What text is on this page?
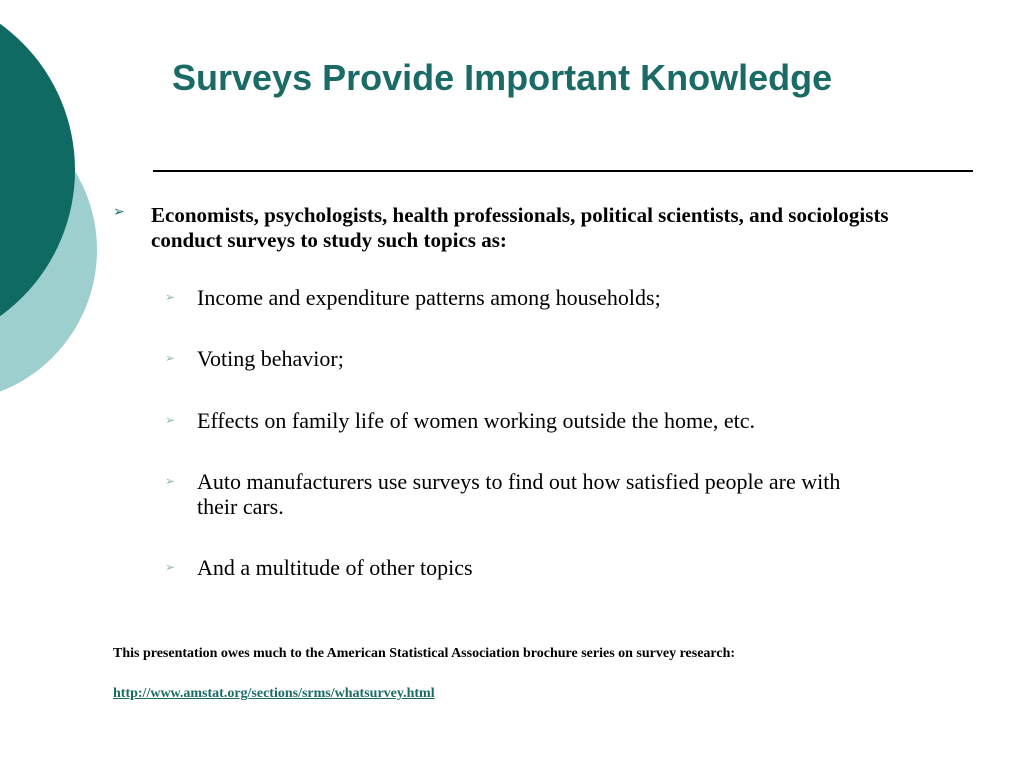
Surveys Provide Important Knowledge
➢ Economists, psychologists, health professionals, political scientists, and sociologists conduct surveys to study such topics as:
➢ Income and expenditure patterns among households;
➢ Voting behavior;
➢ Effects on family life of women working outside the home, etc.
➢ Auto manufacturers use surveys to find out how satisfied people are with their cars.
➢ And a multitude of other topics
This presentation owes much to the American Statistical Association brochure series on survey research:
http://www.amstat.org/sections/srms/whatsurvey.html
